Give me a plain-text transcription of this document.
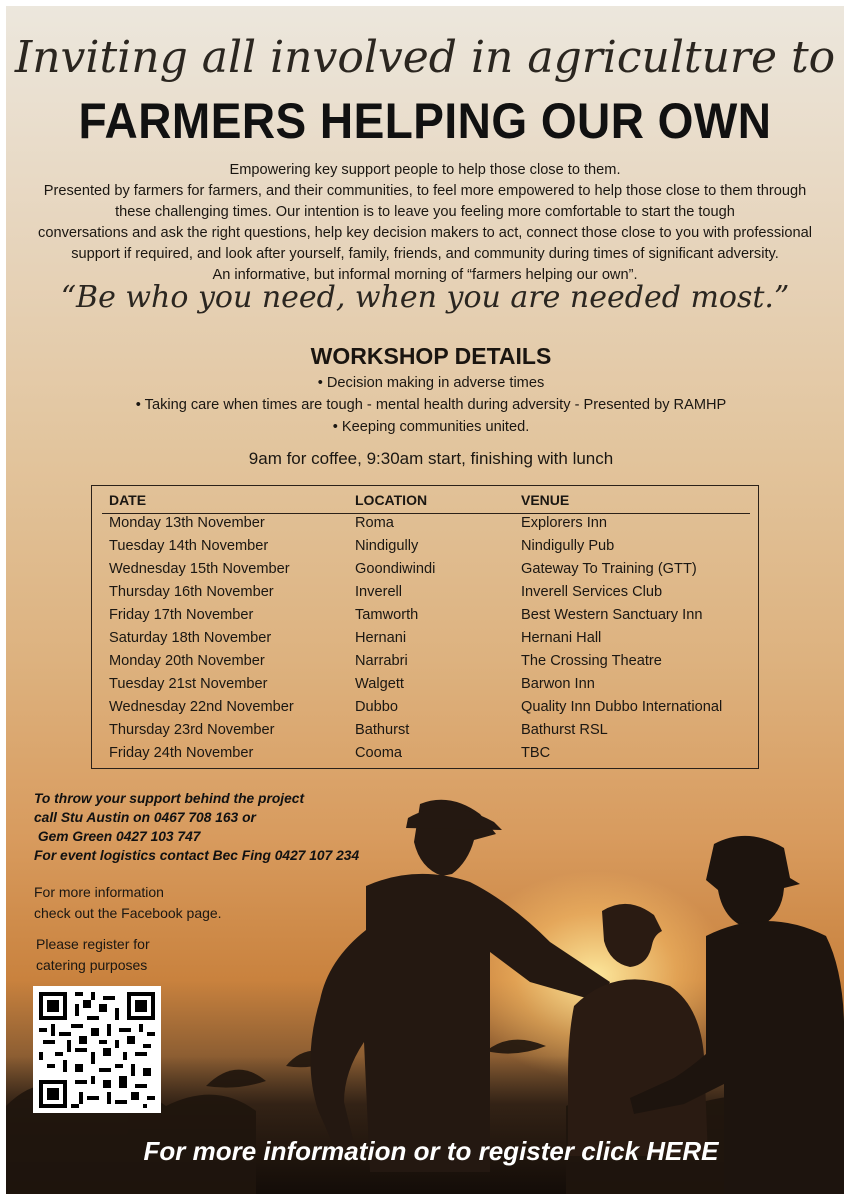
Inviting all involved in agriculture to
FARMERS HELPING OUR OWN
Empowering key support people to help those close to them.
Presented by farmers for farmers, and their communities, to feel more empowered to help those close to them through
these challenging times. Our intention is to leave you feeling more comfortable to start the tough
conversations and ask the right questions, help key decision makers to act, connect those close to you with professional
support if required, and look after yourself, family, friends, and community during times of significant adversity.
An informative, but informal morning of “farmers helping our own”.
“Be who you need, when you are needed most.”
WORKSHOP DETAILS
• Decision making in adverse times
• Taking care when times are tough - mental health during adversity - Presented by RAMHP
• Keeping communities united.
9am for coffee, 9:30am start, finishing with lunch
DATE	LOCATION	VENUE
Monday 13th November	Roma	Explorers Inn
Tuesday 14th November	Nindigully	Nindigully Pub
Wednesday 15th November	Goondiwindi	Gateway To Training (GTT)
Thursday 16th November	Inverell	Inverell Services Club
Friday 17th November	Tamworth	Best Western Sanctuary Inn
Saturday 18th November	Hernani	Hernani Hall
Monday 20th November	Narrabri	The Crossing Theatre
Tuesday 21st November	Walgett	Barwon Inn
Wednesday 22nd November	Dubbo	Quality Inn Dubbo International
Thursday 23rd November	Bathurst	Bathurst RSL
Friday 24th November	Cooma	TBC
To throw your support behind the project
call Stu Austin on 0467 708 163 or
Gem Green 0427 103 747
For event logistics contact Bec Fing 0427 107 234
For more information
check out the Facebook page.
Please register for
catering purposes
For more information or to register click HERE
